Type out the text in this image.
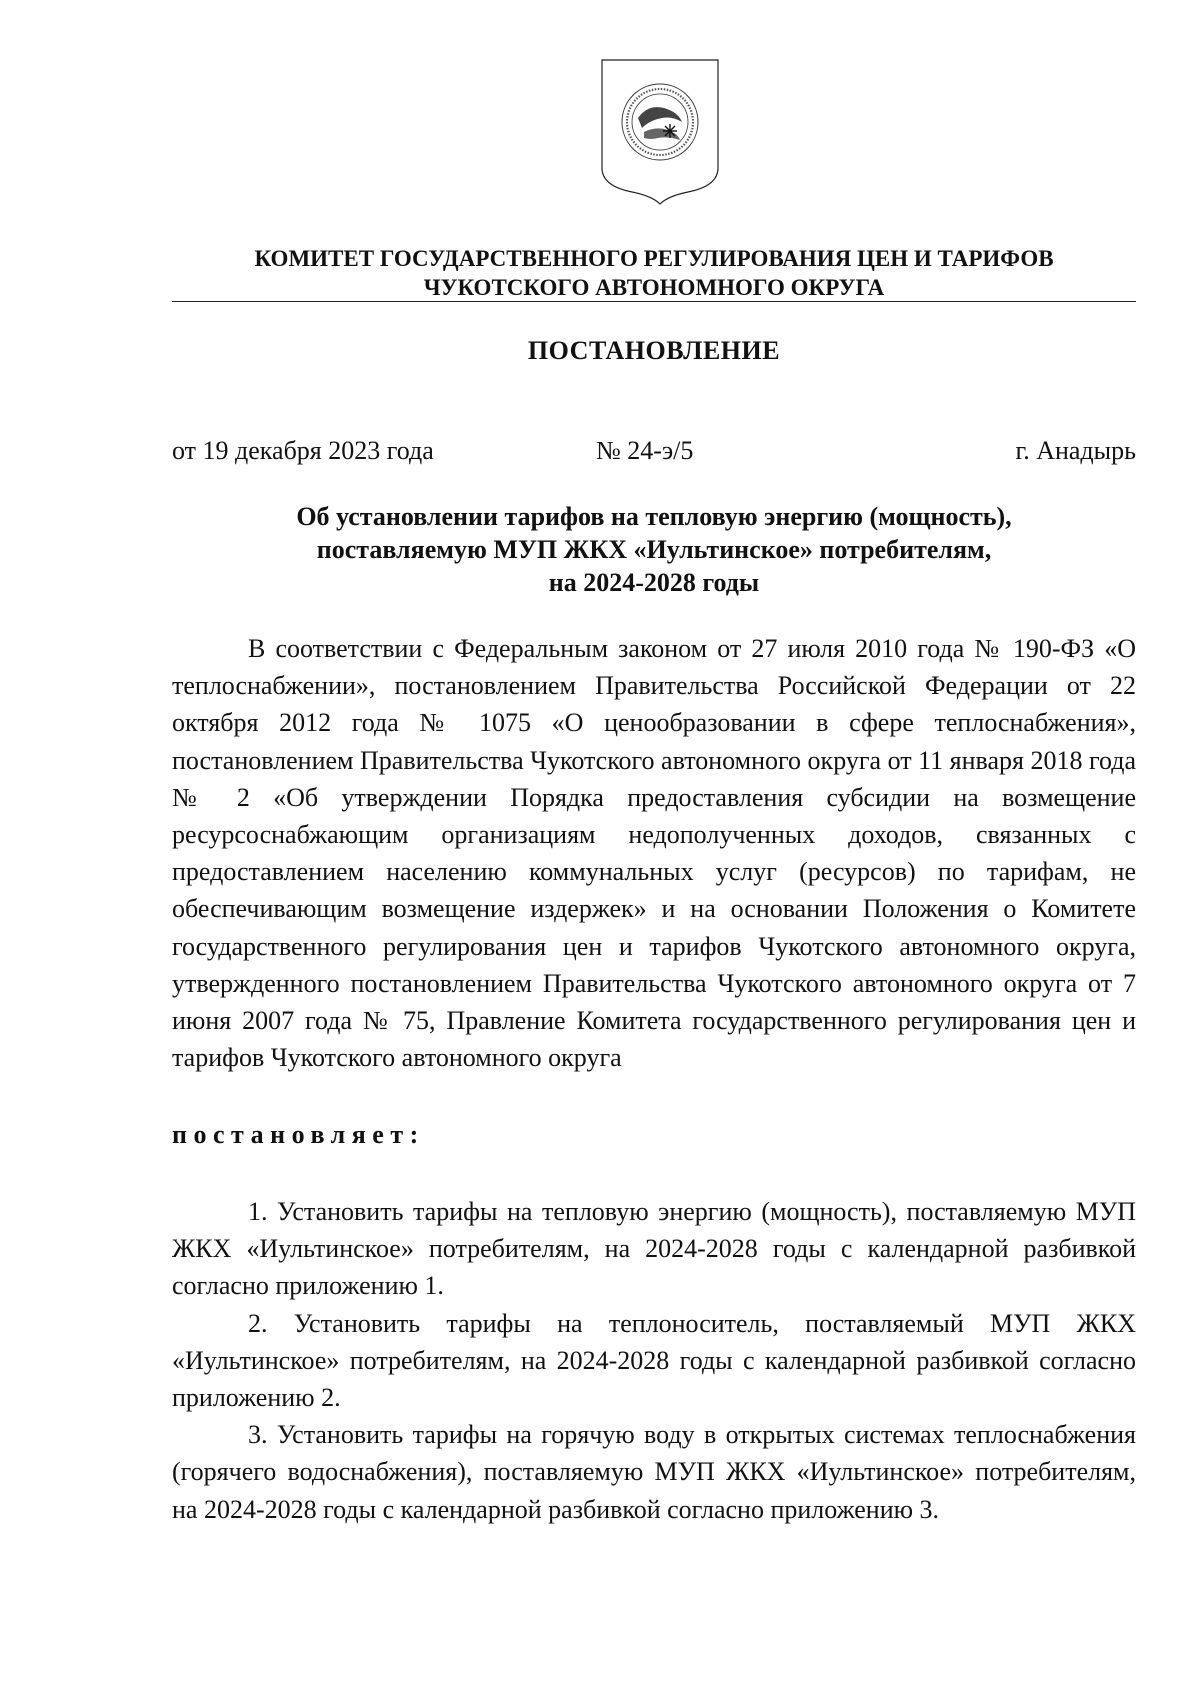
КОМИТЕТ ГОСУДАРСТВЕННОГО РЕГУЛИРОВАНИЯ ЦЕН И ТАРИФОВ
ЧУКОТСКОГО АВТОНОМНОГО ОКРУГА
ПОСТАНОВЛЕНИЕ
от 19 декабря 2023 года	№ 24-э/5	г. Анадырь
Об установлении тарифов на тепловую энергию (мощность),
поставляемую МУП ЖКХ «Иультинское» потребителям,
на 2024-2028 годы

В соответствии с Федеральным законом от 27 июля 2010 года № 190-ФЗ «О теплоснабжении», постановлением Правительства Российской Федерации от 22 октября 2012 года № 1075 «О ценообразовании в сфере теплоснабжения», постановлением Правительства Чукотского автономного округа от 11 января 2018 года № 2 «Об утверждении Порядка предоставления субсидии на возмещение ресурсоснабжающим организациям недополученных доходов, связанных с предоставлением населению коммунальных услуг (ресурсов) по тарифам, не обеспечивающим возмещение издержек» и на основании Положения о Комитете государственного регулирования цен и тарифов Чукотского автономного округа, утвержденного постановлением Правительства Чукотского автономного округа от 7 июня 2007 года № 75, Правление Комитета государственного регулирования цен и тарифов Чукотского автономного округа

постановляет:

1. Установить тарифы на тепловую энергию (мощность), поставляемую МУП ЖКХ «Иультинское» потребителям, на 2024-2028 годы с календарной разбивкой согласно приложению 1.

2. Установить тарифы на теплоноситель, поставляемый МУП ЖКХ «Иультинское» потребителям, на 2024-2028 годы с календарной разбивкой согласно приложению 2.

3. Установить тарифы на горячую воду в открытых системах теплоснабжения (горячего водоснабжения), поставляемую МУП ЖКХ «Иультинское» потребителям, на 2024-2028 годы с календарной разбивкой согласно приложению 3.
